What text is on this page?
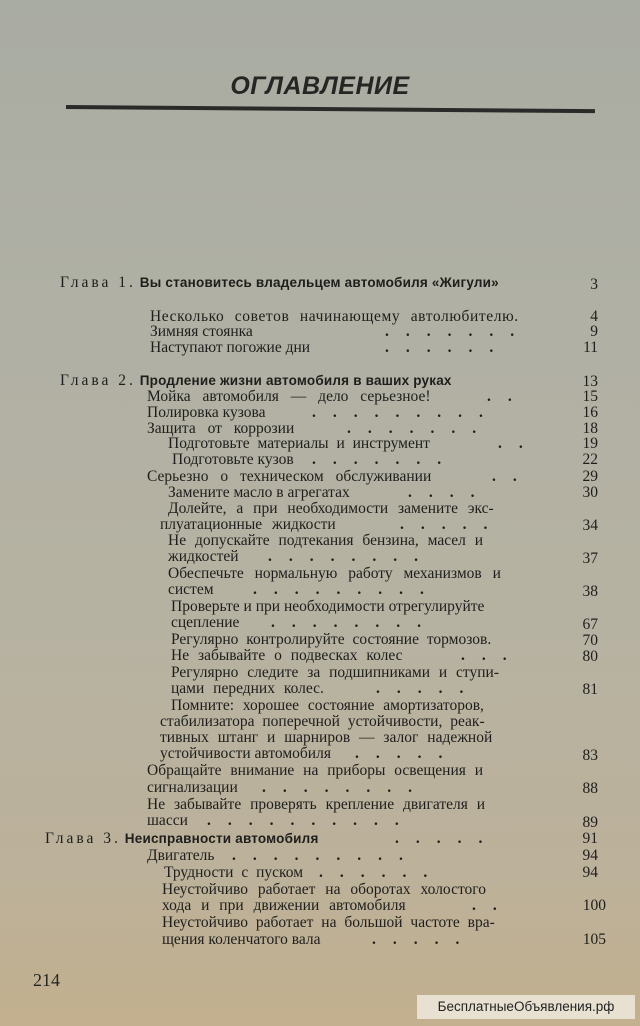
ОГЛАВЛЕНИЕ
Глава 1. Вы становитесь владельцем автомобиля «Жигули»	3
Несколько советов начинающему автолюбителю.	4
Зимняя стоянка	.......	9
Наступают погожие дни	......	11
Глава 2. Продление жизни автомобиля в ваших руках	13
Мойка автомобиля — дело серьезное!	..	15
Полировка кузова	.........	16
Защита от коррозии	.......	18
Подготовьте материалы и инструмент	..	19
Подготовьте кузов .......	22
Серьезно о техническом обслуживании	..	29
Замените масло в агрегатах	....	30
Долейте, а при необходимости замените экс-
плуатационные жидкости	.....	34
Не допускайте подтекания бензина, масел и
жидкостей ........	37
Обеспечьте нормальную работу механизмов и
систем	.........	38
Проверьте и при необходимости отрегулируйте
сцепление ........	67
Регулярно контролируйте состояние тормозов.	70
Не забывайте о подвесках колес	...	80
Регулярно следите за подшипниками и ступи-
цами передних колес.	.....	81
Помните: хорошее состояние амортизаторов,
стабилизатора поперечной устойчивости, реак-
тивных штанг и шарниров — залог надежной
устойчивости автомобиля .....	83
Обращайте внимание на приборы освещения и
сигнализации ........	88
Не забывайте проверять крепление двигателя и
шасси ..........	89
Глава 3. Неисправности автомобиля	.....	91
Двигатель .........	94
Трудности с пуском ......	94
Неустойчиво работает на оборотах холостого
хода и при движении автомобиля	..	100
Неустойчиво работает на большой частоте вра-
щения коленчатого вала	.....	105
214
БесплатныеОбъявления.рф
